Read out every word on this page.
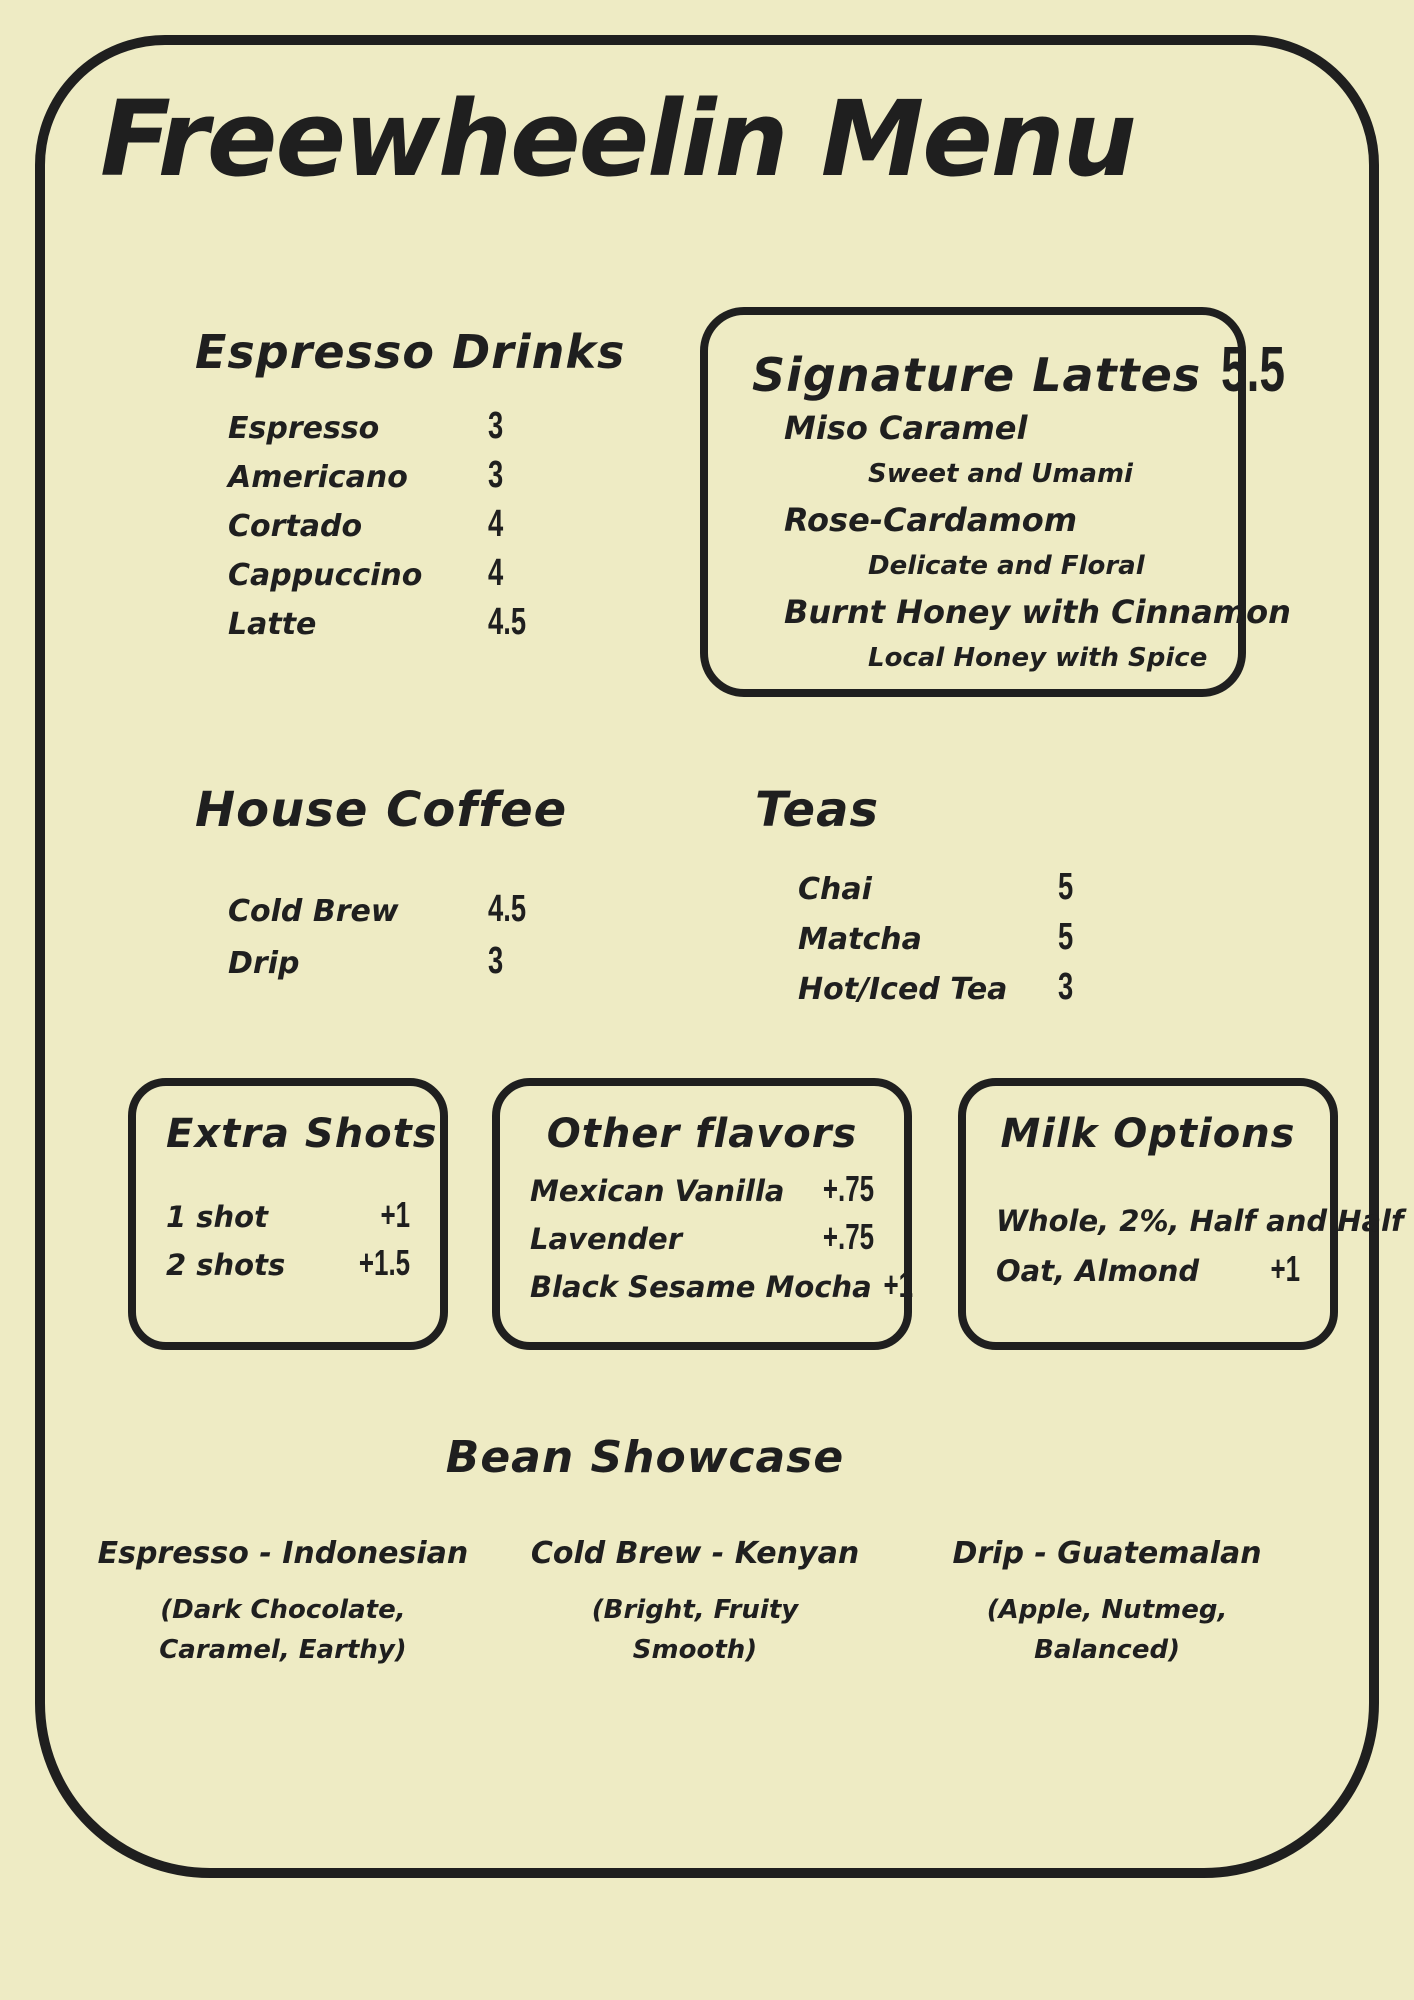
Freewheelin Menu
Espresso Drinks
Espresso	3
Americano 3
Cortado	4
Cappuccino 4
Latte	4.5
Signature Lattes 5.5
Miso Caramel
Sweet and Umami
Rose-Cardamom
Delicate and Floral
Burnt Honey with Cinnamon
Local Honey with Spice
House Coffee
Cold Brew 4.5
Drip	3
Teas
Chai	5
Matcha	5
Hot/Iced Tea 3
Extra Shots
1 shot	+1
2 shots +1.5
Other flavors
Mexican Vanilla +.75
Lavender	+.75
Black Sesame Mocha +1
Milk Options
Whole, 2%, Half and Half
Oat, Almond +1
Bean Showcase
Espresso - Indonesian
(Dark Chocolate,
Caramel, Earthy)
Cold Brew - Kenyan
(Bright, Fruity
Smooth)
Drip - Guatemalan
(Apple, Nutmeg,
Balanced)
